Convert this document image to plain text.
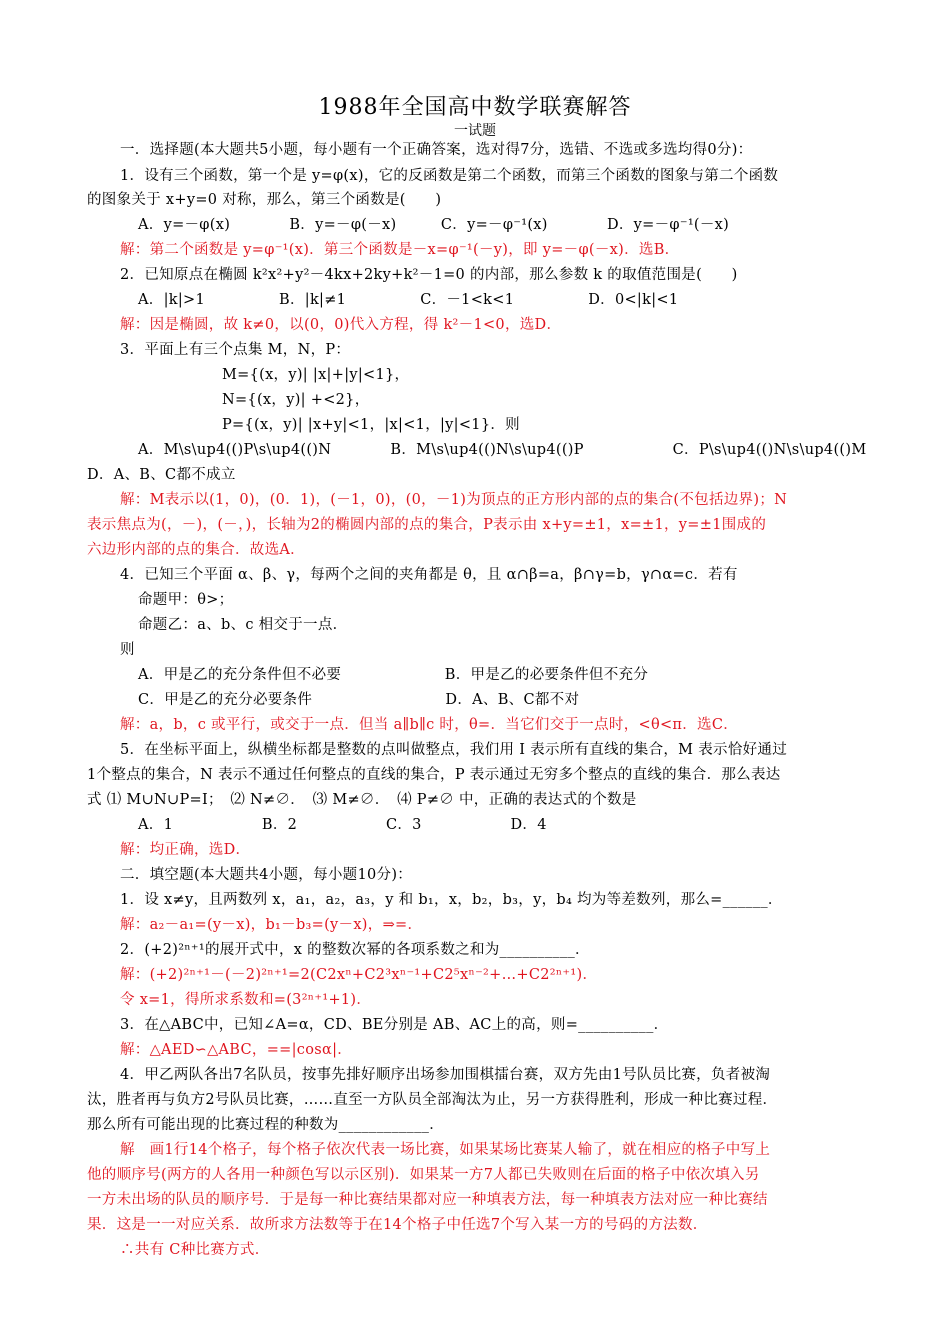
1988年全国高中数学联赛解答
一试题
一．选择题(本大题共5小题，每小题有一个正确答案，选对得7分，选错、不选或多选均得0分)：
1．设有三个函数，第一个是 y=φ(x)，它的反函数是第二个函数，而第三个函数的图象与第二个函数
的图象关于 x+y=0 对称，那么，第三个函数是(　　)
A．y=－φ(x)　　　　B．y=－φ(－x)　　　C．y=－φ⁻¹(x)　　　　D．y=－φ⁻¹(－x)
解：第二个函数是 y=φ⁻¹(x)．第三个函数是－x=φ⁻¹(－y)，即 y=－φ(－x)．选B．
2．已知原点在椭圆 k²x²+y²－4kx+2ky+k²－1=0 的内部，那么参数 k 的取值范围是(　　)
A．|k|>1　　　　　B．|k|≠1　　　　　C．－1<k<1　　　　　D．0<|k|<1
解：因是椭圆，故 k≠0，以(0，0)代入方程，得 k²－1<0，选D．
3．平面上有三个点集 M，N，P：
M={(x，y)| |x|+|y|<1}，
N={(x，y)| +<2}，
P={(x，y)| |x+y|<1，|x|<1，|y|<1}．则
A．M\s\up4(()P\s\up4(()N　　　　B．M\s\up4(()N\s\up4(()P　　　　　　C．P\s\up4(()N\s\up4(()M
D．A、B、C都不成立
解：M表示以(1，0)，(0．1)，(－1，0)，(0，－1)为顶点的正方形内部的点的集合(不包括边界)；N
表示焦点为(，－)，(－，)，长轴为2的椭圆内部的点的集合，P表示由 x+y=±1，x=±1，y=±1围成的
六边形内部的点的集合．故选A．
4．已知三个平面 α、β、γ，每两个之间的夹角都是 θ，且 α∩β=a，β∩γ=b，γ∩α=c．若有
命题甲：θ>；
命题乙：a、b、c 相交于一点．
则
A．甲是乙的充分条件但不必要　　　　　　　B．甲是乙的必要条件但不充分
C．甲是乙的充分必要条件　　　　　　　　　D．A、B、C都不对
解：a，b，c 或平行，或交于一点．但当 a∥b∥c 时，θ=．当它们交于一点时，<θ<π．选C．
5．在坐标平面上，纵横坐标都是整数的点叫做整点，我们用 I 表示所有直线的集合，M 表示恰好通过
1个整点的集合，N 表示不通过任何整点的直线的集合，P 表示通过无穷多个整点的直线的集合．那么表达
式 ⑴ M∪N∪P=I；　⑵ N≠∅．　⑶ M≠∅．　⑷ P≠∅ 中，正确的表达式的个数是
A．1　　　　　　B．2　　　　　　C．3　　　　　　D．4
解：均正确，选D．
二．填空题(本大题共4小题，每小题10分)：
1．设 x≠y，且两数列 x，a₁，a₂，a₃，y 和 b₁，x，b₂，b₃，y，b₄ 均为等差数列，那么=______．
解：a₂－a₁=(y－x)，b₁－b₃=(y－x)，⇒=．
2．(+2)²ⁿ⁺¹的展开式中，x 的整数次幂的各项系数之和为__________．
解：(+2)²ⁿ⁺¹－(－2)²ⁿ⁺¹=2(C2xⁿ+C2³xⁿ⁻¹+C2⁵xⁿ⁻²+…+C2²ⁿ⁺¹)．
令 x=1，得所求系数和=(3²ⁿ⁺¹+1)．
3．在△ABC中，已知∠A=α，CD、BE分别是 AB、AC上的高，则=__________．
解：△AED∽△ABC，==|cosα|．
4．甲乙两队各出7名队员，按事先排好顺序出场参加围棋擂台赛，双方先由1号队员比赛，负者被淘
汰，胜者再与负方2号队员比赛，……直至一方队员全部淘汰为止，另一方获得胜利，形成一种比赛过程．
那么所有可能出现的比赛过程的种数为____________．
解　画1行14个格子，每个格子依次代表一场比赛，如果某场比赛某人输了，就在相应的格子中写上
他的顺序号(两方的人各用一种颜色写以示区别)．如果某一方7人都已失败则在后面的格子中依次填入另
一方未出场的队员的顺序号．于是每一种比赛结果都对应一种填表方法，每一种填表方法对应一种比赛结
果．这是一一对应关系．故所求方法数等于在14个格子中任选7个写入某一方的号码的方法数．
∴共有 C种比赛方式．
